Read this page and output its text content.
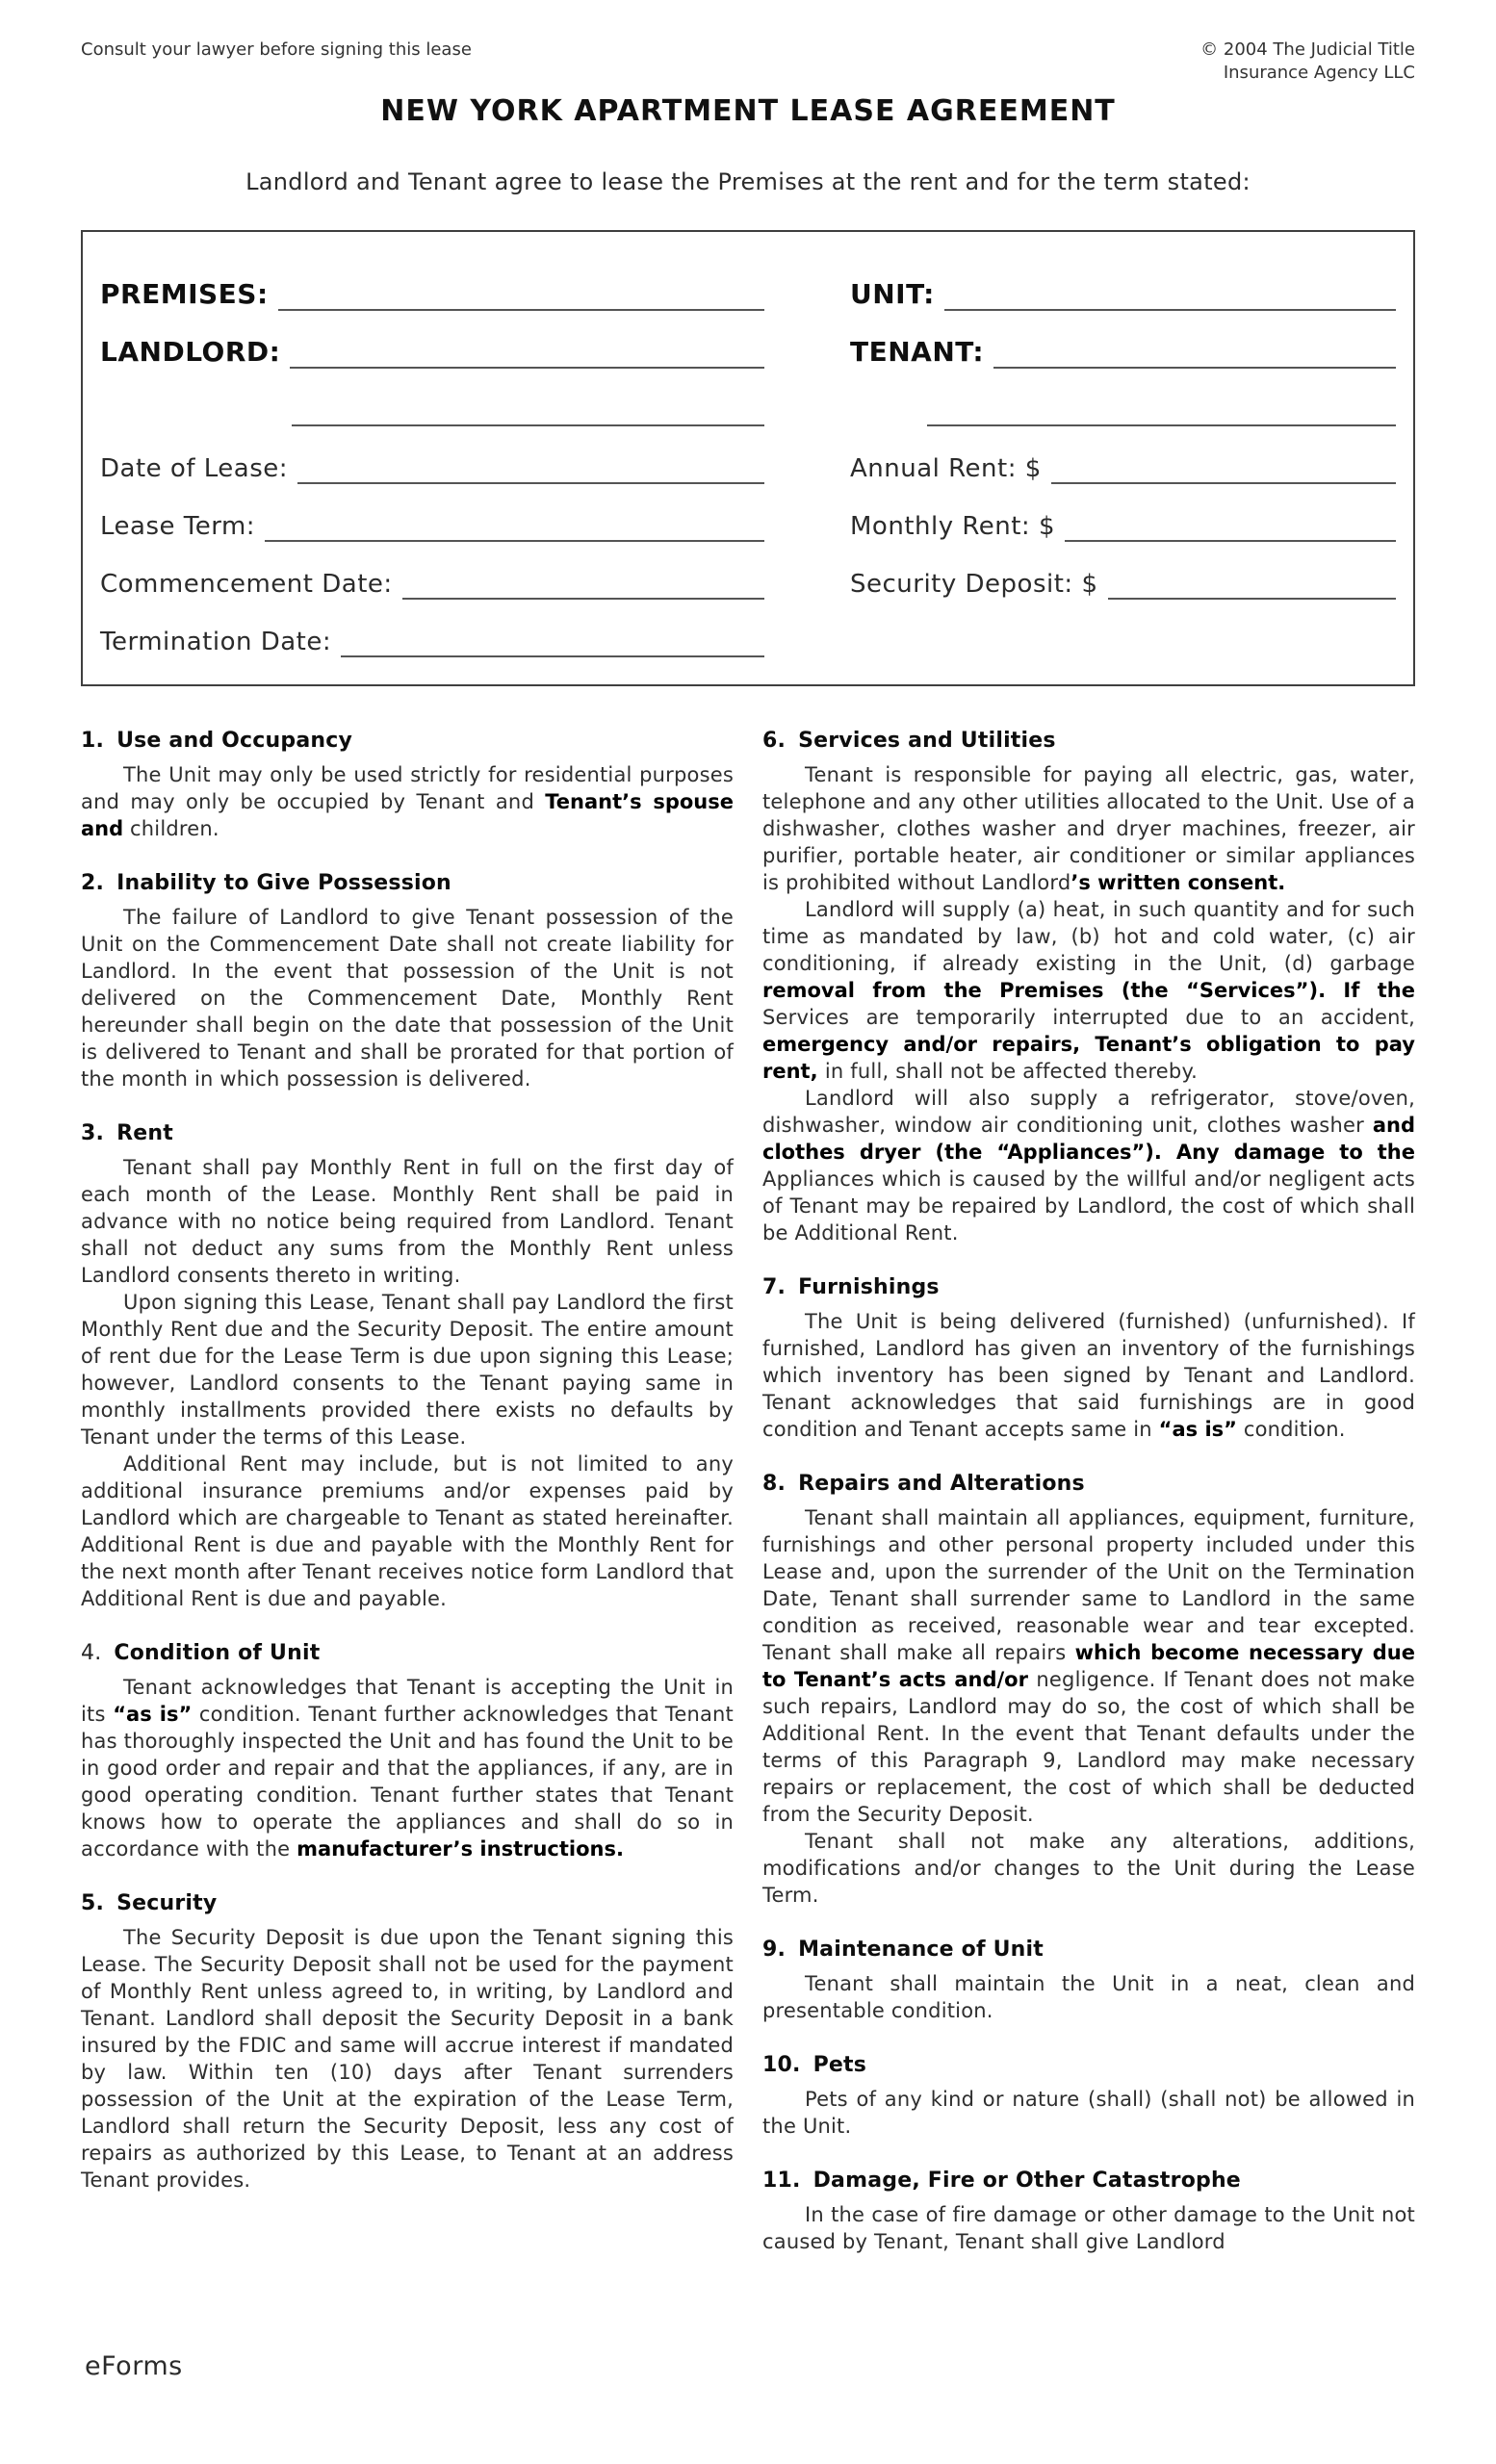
Consult your lawyer before signing this lease	© 2004 The Judicial Title
Insurance Agency LLC
NEW YORK APARTMENT LEASE AGREEMENT

Landlord and Tenant agree to lease the Premises at the rent and for the term stated:

PREMISES:	UNIT:
LANDLORD:	TENANT:
Date of Lease:	Annual Rent: $
Lease Term:	Monthly Rent: $
Commencement Date:	Security Deposit: $
Termination Date:
1. Use and Occupancy

The Unit may only be used strictly for residential purposes and may only be occupied by Tenant and Tenant’s spouse and children.

2. Inability to Give Possession

The failure of Landlord to give Tenant possession of the Unit on the Commencement Date shall not create liability for Landlord. In the event that possession of the Unit is not delivered on the Commencement Date, Monthly Rent hereunder shall begin on the date that possession of the Unit is delivered to Tenant and shall be prorated for that portion of the month in which possession is delivered.

3. Rent

Tenant shall pay Monthly Rent in full on the first day of each month of the Lease. Monthly Rent shall be paid in advance with no notice being required from Landlord. Tenant shall not deduct any sums from the Monthly Rent unless Landlord consents thereto in writing.

Upon signing this Lease, Tenant shall pay Landlord the first Monthly Rent due and the Security Deposit. The entire amount of rent due for the Lease Term is due upon signing this Lease; however, Landlord consents to the Tenant paying same in monthly installments provided there exists no defaults by Tenant under the terms of this Lease.

Additional Rent may include, but is not limited to any additional insurance premiums and/or expenses paid by Landlord which are chargeable to Tenant as stated hereinafter. Additional Rent is due and payable with the Monthly Rent for the next month after Tenant receives notice form Landlord that Additional Rent is due and payable.

4. Condition of Unit

Tenant acknowledges that Tenant is accepting the Unit in its “as is” condition. Tenant further acknowledges that Tenant has thoroughly inspected the Unit and has found the Unit to be in good order and repair and that the appliances, if any, are in good operating condition. Tenant further states that Tenant knows how to operate the appliances and shall do so in accordance with the manufacturer’s instructions.

5. Security

The Security Deposit is due upon the Tenant signing this Lease. The Security Deposit shall not be used for the payment of Monthly Rent unless agreed to, in writing, by Landlord and Tenant. Landlord shall deposit the Security Deposit in a bank insured by the FDIC and same will accrue interest if mandated by law. Within ten (10) days after Tenant surrenders possession of the Unit at the expiration of the Lease Term, Landlord shall return the Security Deposit, less any cost of repairs as authorized by this Lease, to Tenant at an address Tenant provides.

6. Services and Utilities

Tenant is responsible for paying all electric, gas, water, telephone and any other utilities allocated to the Unit. Use of a dishwasher, clothes washer and dryer machines, freezer, air purifier, portable heater, air conditioner or similar appliances is prohibited without Landlord’s written consent.

Landlord will supply (a) heat, in such quantity and for such time as mandated by law, (b) hot and cold water, (c) air conditioning, if already existing in the Unit, (d) garbage removal from the Premises (the “Services”). If the Services are temporarily interrupted due to an accident, emergency and/or repairs, Tenant’s obligation to pay rent, in full, shall not be affected thereby.

Landlord will also supply a refrigerator, stove/oven, dishwasher, window air conditioning unit, clothes washer and clothes dryer (the “Appliances”). Any damage to the Appliances which is caused by the willful and/or negligent acts of Tenant may be repaired by Landlord, the cost of which shall be Additional Rent.

7. Furnishings

The Unit is being delivered (furnished) (unfurnished). If furnished, Landlord has given an inventory of the furnishings which inventory has been signed by Tenant and Landlord. Tenant acknowledges that said furnishings are in good condition and Tenant accepts same in “as is” condition.

8. Repairs and Alterations

Tenant shall maintain all appliances, equipment, furniture, furnishings and other personal property included under this Lease and, upon the surrender of the Unit on the Termination Date, Tenant shall surrender same to Landlord in the same condition as received, reasonable wear and tear excepted. Tenant shall make all repairs which become necessary due to Tenant’s acts and/or negligence. If Tenant does not make such repairs, Landlord may do so, the cost of which shall be Additional Rent. In the event that Tenant defaults under the terms of this Paragraph 9, Landlord may make necessary repairs or replacement, the cost of which shall be deducted from the Security Deposit.

Tenant shall not make any alterations, additions, modifications and/or changes to the Unit during the Lease Term.

9. Maintenance of Unit

Tenant shall maintain the Unit in a neat, clean and presentable condition.

10. Pets

Pets of any kind or nature (shall) (shall not) be allowed in the Unit.

11. Damage, Fire or Other Catastrophe

In the case of fire damage or other damage to the Unit not caused by Tenant, Tenant shall give Landlord

eForms
